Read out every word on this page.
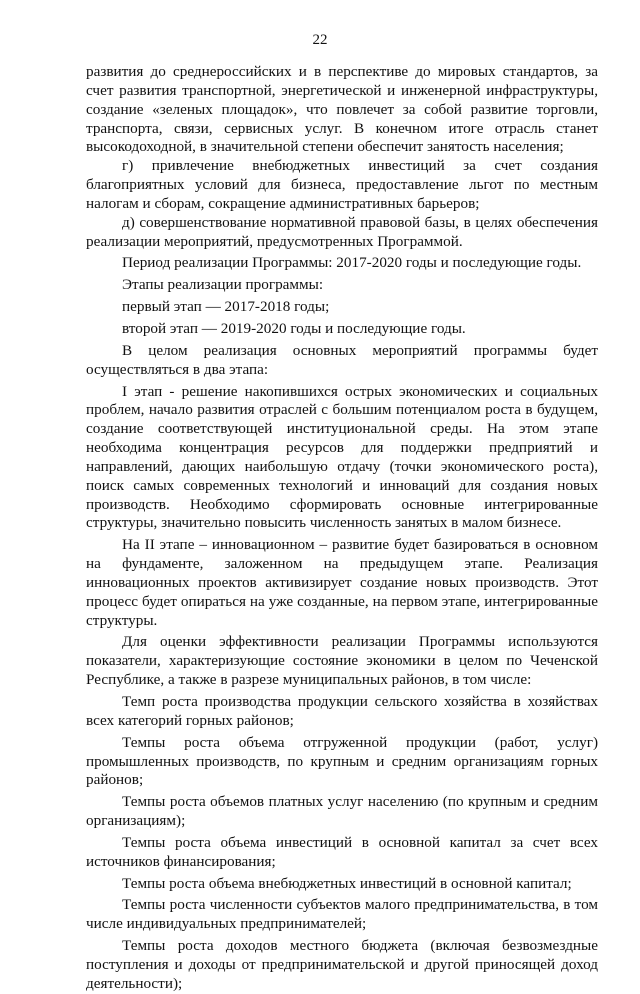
22

развития до среднероссийских и в перспективе до мировых стандартов, за счет развития транспортной, энергетической и инженерной инфраструктуры, создание «зеленых площадок», что повлечет за собой развитие торговли, транспорта, связи, сервисных услуг. В конечном итоге отрасль станет высокодоходной, в значительной степени обеспечит занятость населения;

г) привлечение внебюджетных инвестиций за счет создания благоприятных условий для бизнеса, предоставление льгот по местным налогам и сборам, сокращение административных барьеров;

д) совершенствование нормативной правовой базы, в целях обеспечения реализации мероприятий, предусмотренных Программой.

Период реализации Программы: 2017-2020 годы и последующие годы.

Этапы реализации программы:

первый этап — 2017-2018 годы;

второй этап — 2019-2020 годы и последующие годы.

В целом реализация основных мероприятий программы будет осуществляться в два этапа:

I этап - решение накопившихся острых экономических и социальных проблем, начало развития отраслей с большим потенциалом роста в будущем, создание соответствующей институциональной среды. На этом этапе необходима концентрация ресурсов для поддержки предприятий и направлений, дающих наибольшую отдачу (точки экономического роста), поиск самых современных технологий и инноваций для создания новых производств. Необходимо сформировать основные интегрированные структуры, значительно повысить численность занятых в малом бизнесе.

На II этапе – инновационном – развитие будет базироваться в основном на фундаменте, заложенном на предыдущем этапе. Реализация инновационных проектов активизирует создание новых производств. Этот процесс будет опираться на уже созданные, на первом этапе, интегрированные структуры.

Для оценки эффективности реализации Программы используются показатели, характеризующие состояние экономики в целом по Чеченской Республике, а также в разрезе муниципальных районов, в том числе:

Темп роста производства продукции сельского хозяйства в хозяйствах всех категорий горных районов;

Темпы роста объема отгруженной продукции (работ, услуг) промышленных производств, по крупным и средним организациям горных районов;

Темпы роста объемов платных услуг населению (по крупным и средним организациям);

Темпы роста объема инвестиций в основной капитал за счет всех источников финансирования;

Темпы роста объема внебюджетных инвестиций в основной капитал;

Темпы роста численности субъектов малого предпринимательства, в том числе индивидуальных предпринимателей;

Темпы роста доходов местного бюджета (включая безвозмездные поступления и доходы от предпринимательской и другой приносящей доход деятельности);
